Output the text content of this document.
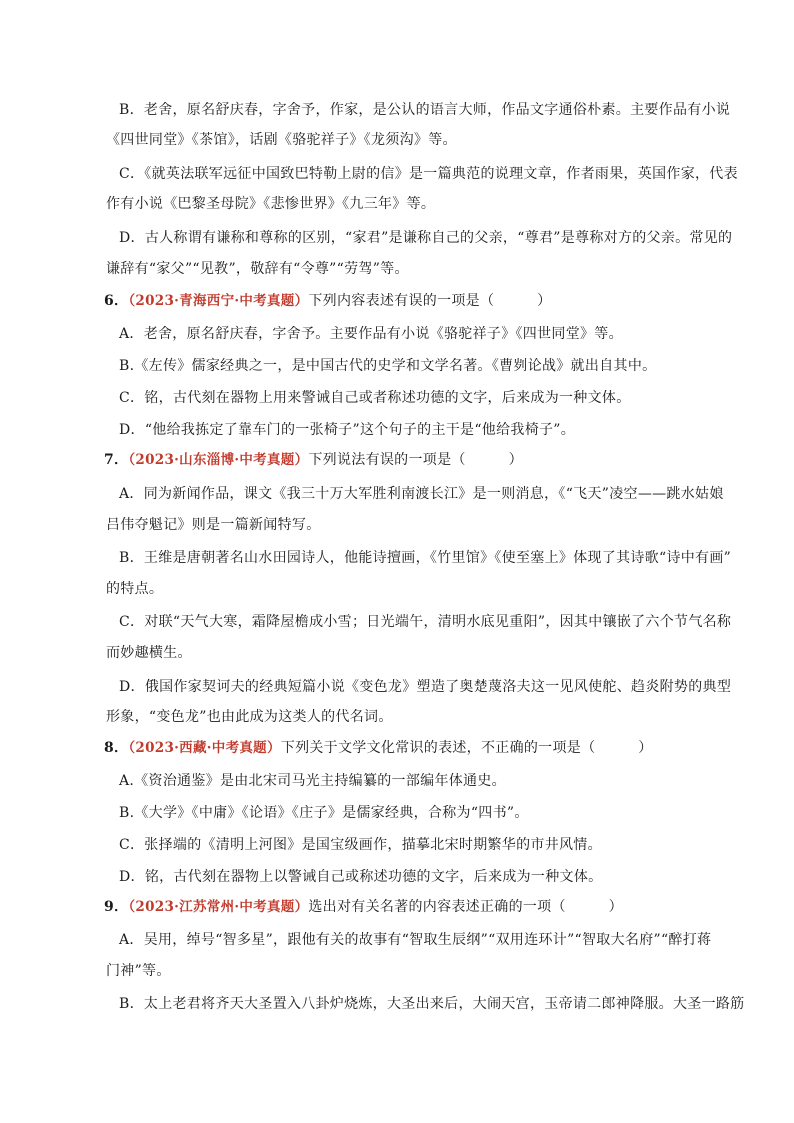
B．老舍，原名舒庆春，字舍予，作家，是公认的语言大师，作品文字通俗朴素。主要作品有小说
《四世同堂》《茶馆》，话剧《骆驼祥子》《龙须沟》等。
C．《就英法联军远征中国致巴特勒上尉的信》是一篇典范的说理文章，作者雨果，英国作家，代表
作有小说《巴黎圣母院》《悲惨世界》《九三年》等。
D．古人称谓有谦称和尊称的区别，“家君”是谦称自己的父亲，“尊君”是尊称对方的父亲。常见的
谦辞有“家父”“见教”，敬辞有“令尊”“劳驾”等。
6．（2023·青海西宁·中考真题）下列内容表述有误的一项是（　　　）
A．老舍，原名舒庆春，字舍予。主要作品有小说《骆驼祥子》《四世同堂》等。
B.《左传》儒家经典之一，是中国古代的史学和文学名著。《曹刿论战》就出自其中。
C．铭，古代刻在器物上用来警诫自己或者称述功德的文字，后来成为一种文体。
D．“他给我拣定了靠车门的一张椅子”这个句子的主干是“他给我椅子”。
7．（2023·山东淄博·中考真题）下列说法有误的一项是（　　　）
A．同为新闻作品，课文《我三十万大军胜利南渡长江》是一则消息，《“飞天”凌空——跳水姑娘
吕伟夺魁记》则是一篇新闻特写。
B．王维是唐朝著名山水田园诗人，他能诗擅画，《竹里馆》《使至塞上》体现了其诗歌“诗中有画”
的特点。
C．对联“天气大寒，霜降屋檐成小雪；日光端午，清明水底见重阳”，因其中镶嵌了六个节气名称
而妙趣横生。
D．俄国作家契诃夫的经典短篇小说《变色龙》塑造了奥楚蔑洛夫这一见风使舵、趋炎附势的典型
形象，“变色龙”也由此成为这类人的代名词。
8．（2023·西藏·中考真题）下列关于文学文化常识的表述，不正确的一项是（　　　）
A.《资治通鉴》是由北宋司马光主持编纂的一部编年体通史。
B.《大学》《中庸》《论语》《庄子》是儒家经典，合称为“四书”。
C．张择端的《清明上河图》是国宝级画作，描摹北宋时期繁华的市井风情。
D．铭，古代刻在器物上以警诫自己或称述功德的文字，后来成为一种文体。
9．（2023·江苏常州·中考真题）选出对有关名著的内容表述正确的一项（　　　）
A．吴用，绰号“智多星”，跟他有关的故事有“智取生辰纲”“双用连环计”“智取大名府”“醉打蒋
门神”等。
B．太上老君将齐天大圣置入八卦炉烧炼，大圣出来后，大闹天宫，玉帝请二郎神降服。大圣一路筋
